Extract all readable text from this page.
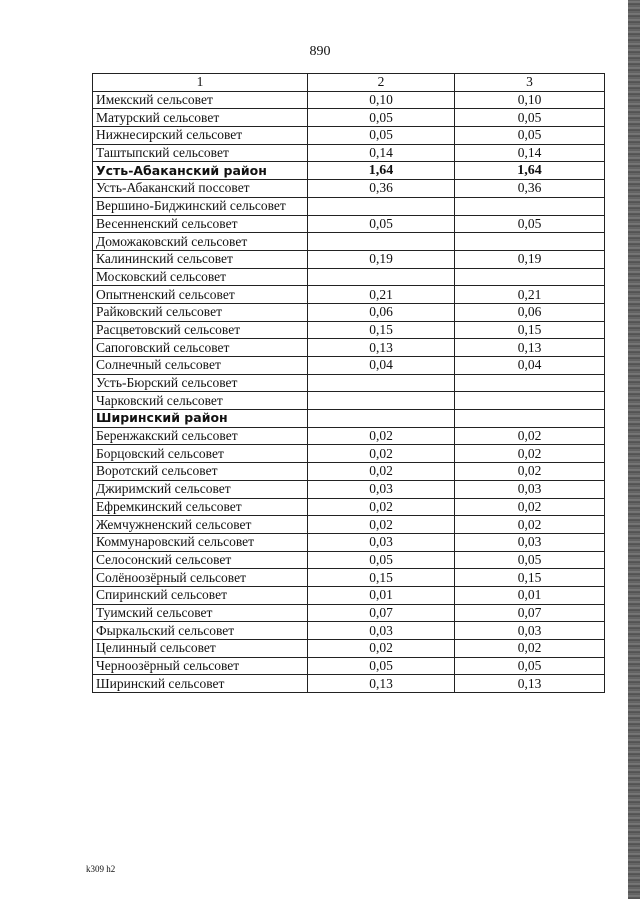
890
1	2	3
Имекский сельсовет	0,10	0,10
Матурский сельсовет	0,05	0,05
Нижнесирский сельсовет	0,05	0,05
Таштыпский сельсовет	0,14	0,14
Усть-Абаканский район	1,64	1,64
Усть-Абаканский поссовет	0,36	0,36
Вершино-Биджинский сельсовет		
Весенненский сельсовет	0,05	0,05
Доможаковский сельсовет		
Калининский сельсовет	0,19	0,19
Московский сельсовет		
Опытненский сельсовет	0,21	0,21
Райковский сельсовет	0,06	0,06
Расцветовский сельсовет	0,15	0,15
Сапоговский сельсовет	0,13	0,13
Солнечный сельсовет	0,04	0,04
Усть-Бюрский сельсовет		
Чарковский сельсовет		
Ширинский район		
Беренжакский сельсовет	0,02	0,02
Борцовский сельсовет	0,02	0,02
Воротский сельсовет	0,02	0,02
Джиримский сельсовет	0,03	0,03
Ефремкинский сельсовет	0,02	0,02
Жемчужненский сельсовет	0,02	0,02
Коммунаровский сельсовет	0,03	0,03
Селосонский сельсовет	0,05	0,05
Солёноозёрный сельсовет	0,15	0,15
Спиринский сельсовет	0,01	0,01
Туимский сельсовет	0,07	0,07
Фыркальский сельсовет	0,03	0,03
Целинный сельсовет	0,02	0,02
Черноозёрный сельсовет	0,05	0,05
Ширинский сельсовет	0,13	0,13
k309 h2
